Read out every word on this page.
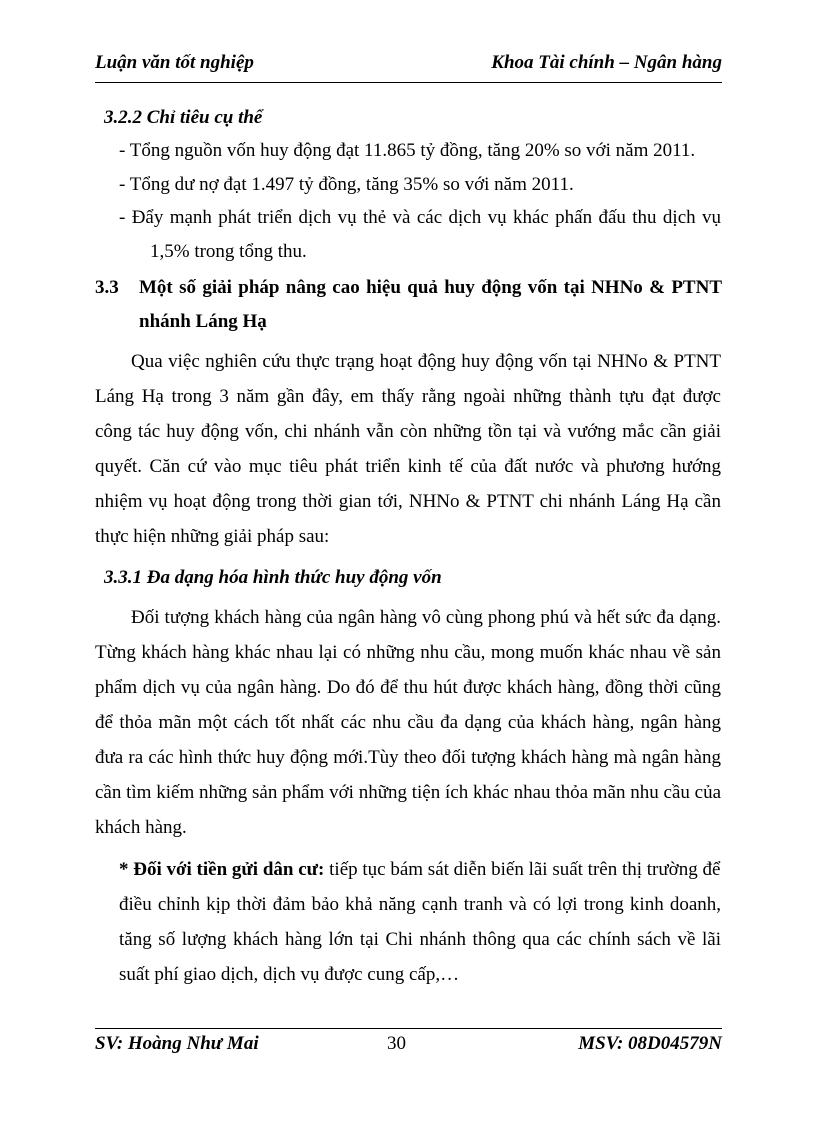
Luận văn tốt nghiệp	Khoa Tài chính – Ngân hàng
3.2.2 Chỉ tiêu cụ thể
- Tổng nguồn vốn huy động đạt 11.865 tỷ đồng, tăng 20% so với năm 2011.
- Tổng dư nợ đạt 1.497 tỷ đồng, tăng 35% so với năm 2011.
- Đẩy mạnh phát triển dịch vụ thẻ và các dịch vụ khác phấn đấu thu dịch vụ
1,5% trong tổng thu.
3.3 Một số giải pháp nâng cao hiệu quả huy động vốn tại NHNo & PTNT
nhánh Láng Hạ
Qua việc nghiên cứu thực trạng hoạt động huy động vốn tại NHNo & PTNT
Láng Hạ trong 3 năm gần đây, em thấy rằng ngoài những thành tựu đạt được
công tác huy động vốn, chi nhánh vẫn còn những tồn tại và vướng mắc cần giải
quyết. Căn cứ vào mục tiêu phát triển kinh tế của đất nước và phương hướng
nhiệm vụ hoạt động trong thời gian tới, NHNo & PTNT chi nhánh Láng Hạ cần
thực hiện những giải pháp sau:
3.3.1 Đa dạng hóa hình thức huy động vốn
Đối tượng khách hàng của ngân hàng vô cùng phong phú và hết sức đa dạng.
Từng khách hàng khác nhau lại có những nhu cầu, mong muốn khác nhau về sản
phẩm dịch vụ của ngân hàng. Do đó để thu hút được khách hàng, đồng thời cũng
để thỏa mãn một cách tốt nhất các nhu cầu đa dạng của khách hàng, ngân hàng
đưa ra các hình thức huy động mới.Tùy theo đối tượng khách hàng mà ngân hàng
cần tìm kiếm những sản phẩm với những tiện ích khác nhau thỏa mãn nhu cầu của
khách hàng.
* Đối với tiền gửi dân cư: tiếp tục bám sát diễn biến lãi suất trên thị trường để
điều chỉnh kịp thời đảm bảo khả năng cạnh tranh và có lợi trong kinh doanh,
tăng số lượng khách hàng lớn tại Chi nhánh thông qua các chính sách về lãi
suất phí giao dịch, dịch vụ được cung cấp,…
SV: Hoàng Như Mai	30	MSV: 08D04579N
